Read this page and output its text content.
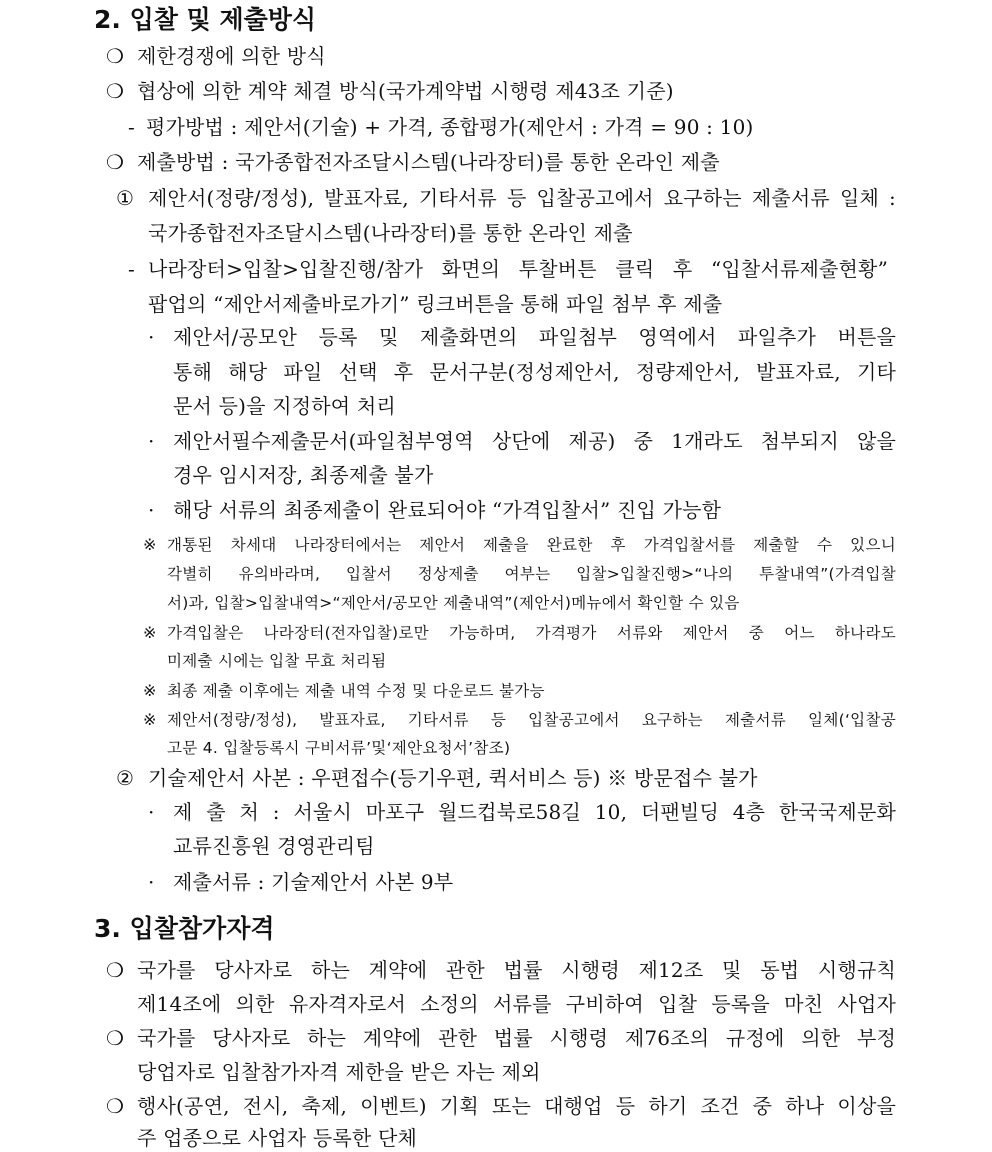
2. 입찰 및 제출방식
❍ 제한경쟁에 의한 방식
❍ 협상에 의한 계약 체결 방식(국가계약법 시행령 제43조 기준)
- 평가방법 : 제안서(기술) + 가격, 종합평가(제안서 : 가격 = 90 : 10)
❍ 제출방법 : 국가종합전자조달시스템(나라장터)를 통한 온라인 제출
① 제안서(정량/정성), 발표자료, 기타서류 등 입찰공고에서 요구하는 제출서류 일체 :
국가종합전자조달시스템(나라장터)를 통한 온라인 제출
- 나라장터>입찰>입찰진행/참가 화면의 투찰버튼 클릭 후 “입찰서류제출현황”
팝업의 “제안서제출바로가기” 링크버튼을 통해 파일 첨부 후 제출
· 제안서/공모안 등록 및 제출화면의 파일첨부 영역에서 파일추가 버튼을
통해 해당 파일 선택 후 문서구분(정성제안서, 정량제안서, 발표자료, 기타
문서 등)을 지정하여 처리
· 제안서필수제출문서(파일첨부영역 상단에 제공) 중 1개라도 첨부되지 않을
경우 임시저장, 최종제출 불가
· 해당 서류의 최종제출이 완료되어야 “가격입찰서” 진입 가능함
※ 개통된 차세대 나라장터에서는 제안서 제출을 완료한 후 가격입찰서를 제출할 수 있으니
각별히 유의바라며, 입찰서 정상제출 여부는 입찰>입찰진행>“나의 투찰내역”(가격입찰
서)과, 입찰>입찰내역>“제안서/공모안 제출내역”(제안서)메뉴에서 확인할 수 있음
※ 가격입찰은 나라장터(전자입찰)로만 가능하며, 가격평가 서류와 제안서 중 어느 하나라도
미제출 시에는 입찰 무효 처리됨
※ 최종 제출 이후에는 제출 내역 수정 및 다운로드 불가능
※ 제안서(정량/정성), 발표자료, 기타서류 등 입찰공고에서 요구하는 제출서류 일체(‘입찰공
고문 4. 입찰등록시 구비서류’및‘제안요청서’참조)
② 기술제안서 사본 : 우편접수(등기우편, 퀵서비스 등) ※ 방문접수 불가
· 제 출 처 : 서울시 마포구 월드컵북로58길 10, 더팬빌딩 4층 한국국제문화
교류진흥원 경영관리팀
· 제출서류 : 기술제안서 사본 9부
3. 입찰참가자격
❍ 국가를 당사자로 하는 계약에 관한 법률 시행령 제12조 및 동법 시행규칙
제14조에 의한 유자격자로서 소정의 서류를 구비하여 입찰 등록을 마친 사업자
❍ 국가를 당사자로 하는 계약에 관한 법률 시행령 제76조의 규정에 의한 부정
당업자로 입찰참가자격 제한을 받은 자는 제외
❍ 행사(공연, 전시, 축제, 이벤트) 기획 또는 대행업 등 하기 조건 중 하나 이상을
주 업종으로 사업자 등록한 단체
